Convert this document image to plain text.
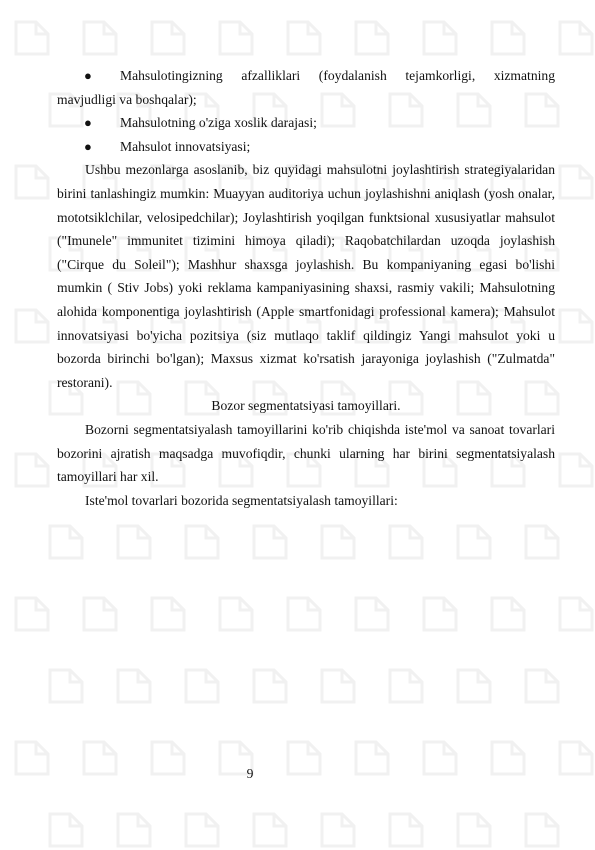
● Mahsulotingizning afzalliklari (foydalanish tejamkorligi, xizmatning

mavjudligi va boshqalar);

● Mahsulotning o'ziga xoslik darajasi;

● Mahsulot innovatsiyasi;

Ushbu mezonlarga asoslanib, biz quyidagi mahsulotni joylashtirish strategiyalaridan birini tanlashingiz mumkin: Muayyan auditoriya uchun joylashishni aniqlash (yosh onalar, mototsiklchilar, velosipedchilar); Joylashtirish yoqilgan funktsional xususiyatlar mahsulot ("Imunele" immunitet tizimini himoya qiladi); Raqobatchilardan uzoqda joylashish ("Cirque du Soleil"); Mashhur shaxsga joylashish. Bu kompaniyaning egasi bo'lishi mumkin ( Stiv Jobs) yoki reklama kampaniyasining shaxsi, rasmiy vakili; Mahsulotning alohida komponentiga joylashtirish (Apple smartfonidagi professional kamera); Mahsulot innovatsiyasi bo'yicha pozitsiya (siz mutlaqo taklif qildingiz Yangi mahsulot yoki u bozorda birinchi bo'lgan); Maxsus xizmat ko'rsatish jarayoniga joylashish ("Zulmatda" restorani).

Bozor segmentatsiyasi tamoyillari.

Bozorni segmentatsiyalash tamoyillarini ko'rib chiqishda iste'mol va sanoat tovarlari bozorini ajratish maqsadga muvofiqdir, chunki ularning har birini segmentatsiyalash tamoyillari har xil.

Iste'mol tovarlari bozorida segmentatsiyalash tamoyillari:

9
